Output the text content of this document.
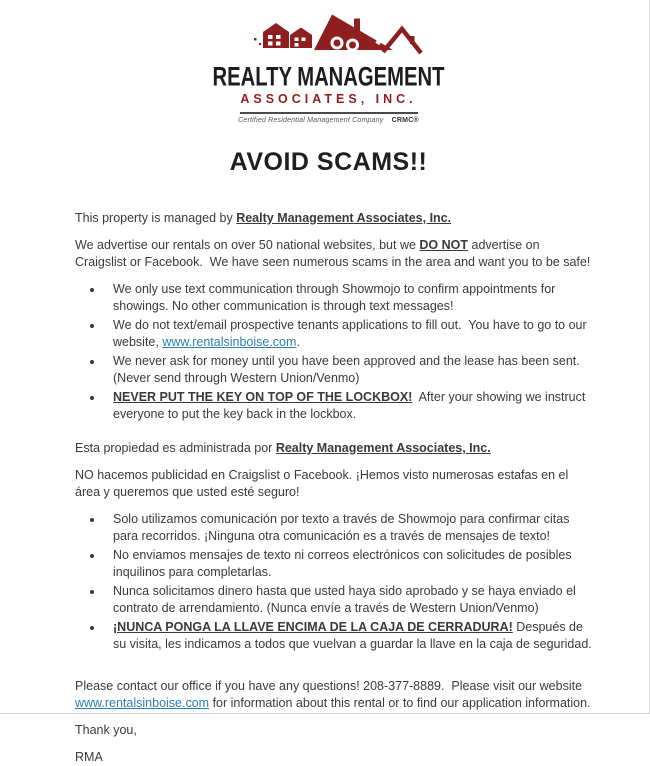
REALTY MANAGEMENT
ASSOCIATES, INC.
Certified Residential Management Company CRMC®
AVOID SCAMS!!

This property is managed by Realty Management Associates, Inc.

We advertise our rentals on over 50 national websites, but we DO NOT advertise on Craigslist or Facebook.  We have seen numerous scams in the area and want you to be safe!

• We only use text communication through Showmojo to confirm appointments for showings. No other communication is through text messages!
• We do not text/email prospective tenants applications to fill out.  You have to go to our website, www.rentalsinboise.com.
• We never ask for money until you have been approved and the lease has been sent. (Never send through Western Union/Venmo)
• NEVER PUT THE KEY ON TOP OF THE LOCKBOX!  After your showing we instruct everyone to put the key back in the lockbox.

Esta propiedad es administrada por Realty Management Associates, Inc.

NO hacemos publicidad en Craigslist o Facebook. ¡Hemos visto numerosas estafas en el área y queremos que usted esté seguro!

• Solo utilizamos comunicación por texto a través de Showmojo para confirmar citas para recorridos. ¡Ninguna otra comunicación es a través de mensajes de texto!
• No enviamos mensajes de texto ni correos electrónicos con solicitudes de posibles inquilinos para completarlas.
• Nunca solicitamos dinero hasta que usted haya sido aprobado y se haya enviado el contrato de arrendamiento. (Nunca envíe a través de Western Union/Venmo)
• ¡NUNCA PONGA LA LLAVE ENCIMA DE LA CAJA DE CERRADURA! Después de su visita, les indicamos a todos que vuelvan a guardar la llave en la caja de seguridad.

Please contact our office if you have any questions! 208-377-8889.  Please visit our website www.rentalsinboise.com for information about this rental or to find our application information.

Thank you,

RMA
